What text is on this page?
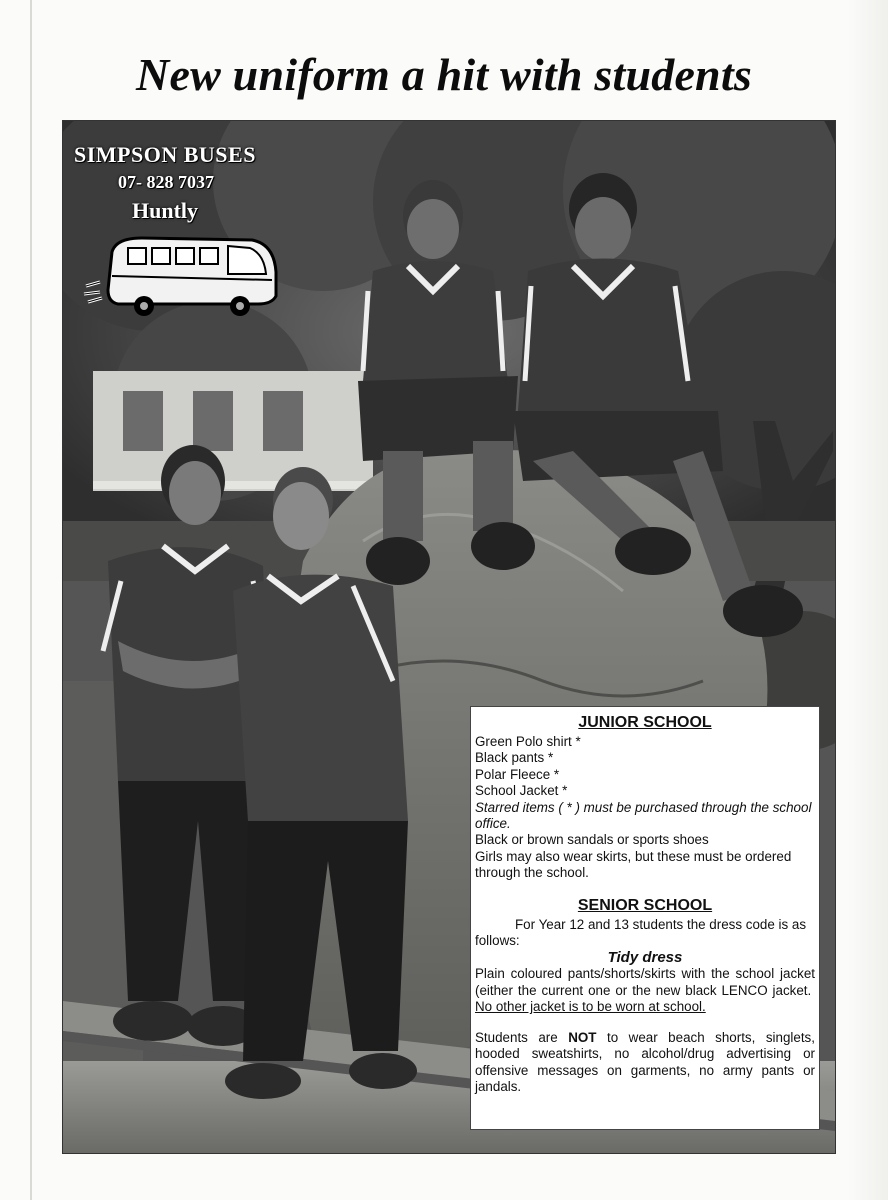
New uniform a hit with students
SIMPSON BUSES
07- 828 7037
Huntly

JUNIOR SCHOOL

Green Polo shirt *

Black pants *

Polar Fleece *

School Jacket *

Starred items ( * ) must be purchased through the school office.

Black or brown sandals or sports shoes

Girls may also wear skirts, but these must be ordered through the school.

SENIOR SCHOOL

For Year 12 and 13 students the dress code is as follows:

Tidy dress

Plain coloured pants/shorts/skirts with the school jacket (either the current one or the new black LENCO jacket.  No other jacket is to be worn at school.

Students are NOT to wear beach shorts, singlets, hooded sweatshirts, no alcohol/drug advertising or offensive messages on garments, no army pants or jandals.
